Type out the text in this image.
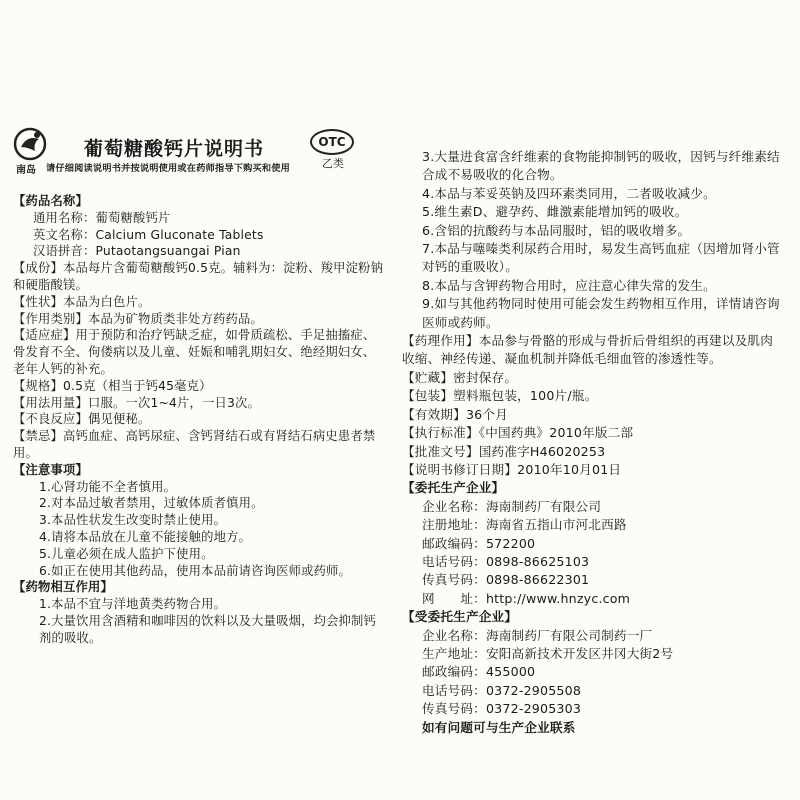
南岛
葡萄糖酸钙片说明书	OTC
乙类
请仔细阅读说明书并按说明使用或在药师指导下购买和使用
【药品名称】
通用名称：葡萄糖酸钙片
英文名称：Calcium Gluconate Tablets
汉语拼音：Putaotangsuangai Pian
【成份】本品每片含葡萄糖酸钙0.5克。辅料为：淀粉、羧甲淀粉钠和硬脂酸镁。
【性状】本品为白色片。
【作用类别】本品为矿物质类非处方药药品。
【适应症】用于预防和治疗钙缺乏症，如骨质疏松、手足抽搐症、骨发育不全、佝偻病以及儿童、妊娠和哺乳期妇女、绝经期妇女、老年人钙的补充。
【规格】0.5克（相当于钙45毫克）
【用法用量】口服。一次1~4片，一日3次。
【不良反应】偶见便秘。
【禁忌】高钙血症、高钙尿症、含钙肾结石或有肾结石病史患者禁用。
【注意事项】
1.心肾功能不全者慎用。
2.对本品过敏者禁用，过敏体质者慎用。
3.本品性状发生改变时禁止使用。
4.请将本品放在儿童不能接触的地方。
5.儿童必须在成人监护下使用。
6.如正在使用其他药品，使用本品前请咨询医师或药师。
【药物相互作用】
1.本品不宜与洋地黄类药物合用。
2.大量饮用含酒精和咖啡因的饮料以及大量吸烟，均会抑制钙剂的吸收。
3.大量进食富含纤维素的食物能抑制钙的吸收，因钙与纤维素结合成不易吸收的化合物。
4.本品与苯妥英钠及四环素类同用，二者吸收减少。
5.维生素D、避孕药、雌激素能增加钙的吸收。
6.含铝的抗酸药与本品同服时，铝的吸收增多。
7.本品与噻嗪类利尿药合用时，易发生高钙血症（因增加肾小管对钙的重吸收）。
8.本品与含钾药物合用时，应注意心律失常的发生。
9.如与其他药物同时使用可能会发生药物相互作用，详情请咨询医师或药师。
【药理作用】本品参与骨骼的形成与骨折后骨组织的再建以及肌肉收缩、神经传递、凝血机制并降低毛细血管的渗透性等。
【贮藏】密封保存。
【包装】塑料瓶包装，100片/瓶。
【有效期】36个月
【执行标准】《中国药典》2010年版二部
【批准文号】国药准字H46020253
【说明书修订日期】2010年10月01日
【委托生产企业】
企业名称：海南制药厂有限公司
注册地址：海南省五指山市河北西路
邮政编码：572200
电话号码：0898-86625103
传真号码：0898-86622301
网　　址：http://www.hnzyc.com
【受委托生产企业】
企业名称：海南制药厂有限公司制药一厂
生产地址：安阳高新技术开发区井冈大街2号
邮政编码：455000
电话号码：0372-2905508
传真号码：0372-2905303
如有问题可与生产企业联系
